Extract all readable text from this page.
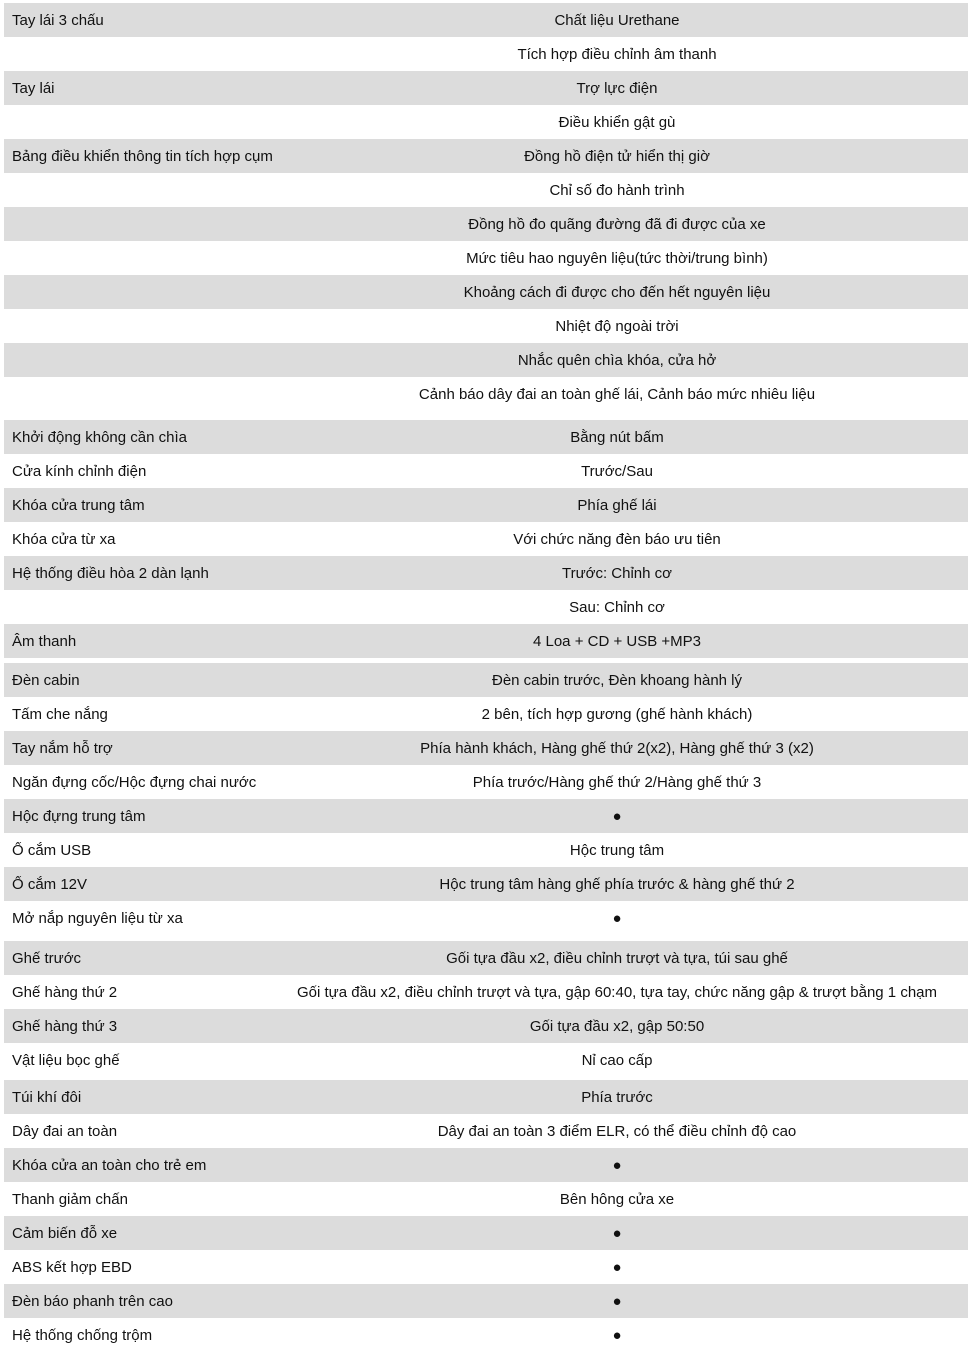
Tay lái 3 chấu	Chất liệu Urethane
Tích hợp điều chỉnh âm thanh
Tay lái	Trợ lực điện
Điều khiển gật gù
Bảng điều khiển thông tin tích hợp cụm	Đồng hồ điện tử hiển thị giờ
Chỉ số đo hành trình
Đồng hồ đo quãng đường đã đi được của xe
Mức tiêu hao nguyên liệu(tức thời/trung bình)
Khoảng cách đi được cho đến hết nguyên liệu
Nhiệt độ ngoài trời
Nhắc quên chìa khóa, cửa hở
Cảnh báo dây đai an toàn ghế lái, Cảnh báo mức nhiêu liệu
Khởi động không cần chìa	Bằng nút bấm
Cửa kính chỉnh điện	Trước/Sau
Khóa cửa trung tâm	Phía ghế lái
Khóa cửa từ xa	Với chức năng đèn báo ưu tiên
Hệ thống điều hòa 2 dàn lạnh	Trước: Chỉnh cơ
Sau: Chỉnh cơ
Âm thanh	4 Loa + CD + USB +MP3
Đèn cabin	Đèn cabin trước, Đèn khoang hành lý
Tấm che nắng	2 bên, tích hợp gương (ghế hành khách)
Tay nắm hỗ trợ	Phía hành khách, Hàng ghế thứ 2(x2), Hàng ghế thứ 3 (x2)
Ngăn đựng cốc/Hộc đựng chai nước	Phía trước/Hàng ghế thứ 2/Hàng ghế thứ 3
Hộc đựng trung tâm	●
Ổ cắm USB	Hộc trung tâm
Ổ cắm 12V	Hộc trung tâm hàng ghế phía trước & hàng ghế thứ 2
Mở nắp nguyên liệu từ xa	●
Ghế trước	Gối tựa đầu x2, điều chỉnh trượt và tựa, túi sau ghế
Ghế hàng thứ 2	Gối tựa đầu x2, điều chỉnh trượt và tựa, gập 60:40, tựa tay, chức năng gập & trượt bằng 1 chạm
Ghế hàng thứ 3	Gối tựa đầu x2, gập 50:50
Vật liệu bọc ghế	Nỉ cao cấp
Túi khí đôi	Phía trước
Dây đai an toàn	Dây đai an toàn 3 điểm ELR, có thể điều chỉnh độ cao
Khóa cửa an toàn cho trẻ em	●
Thanh giảm chấn	Bên hông cửa xe
Cảm biến đỗ xe	●
ABS kết hợp EBD	●
Đèn báo phanh trên cao	●
Hệ thống chống trộm	●
